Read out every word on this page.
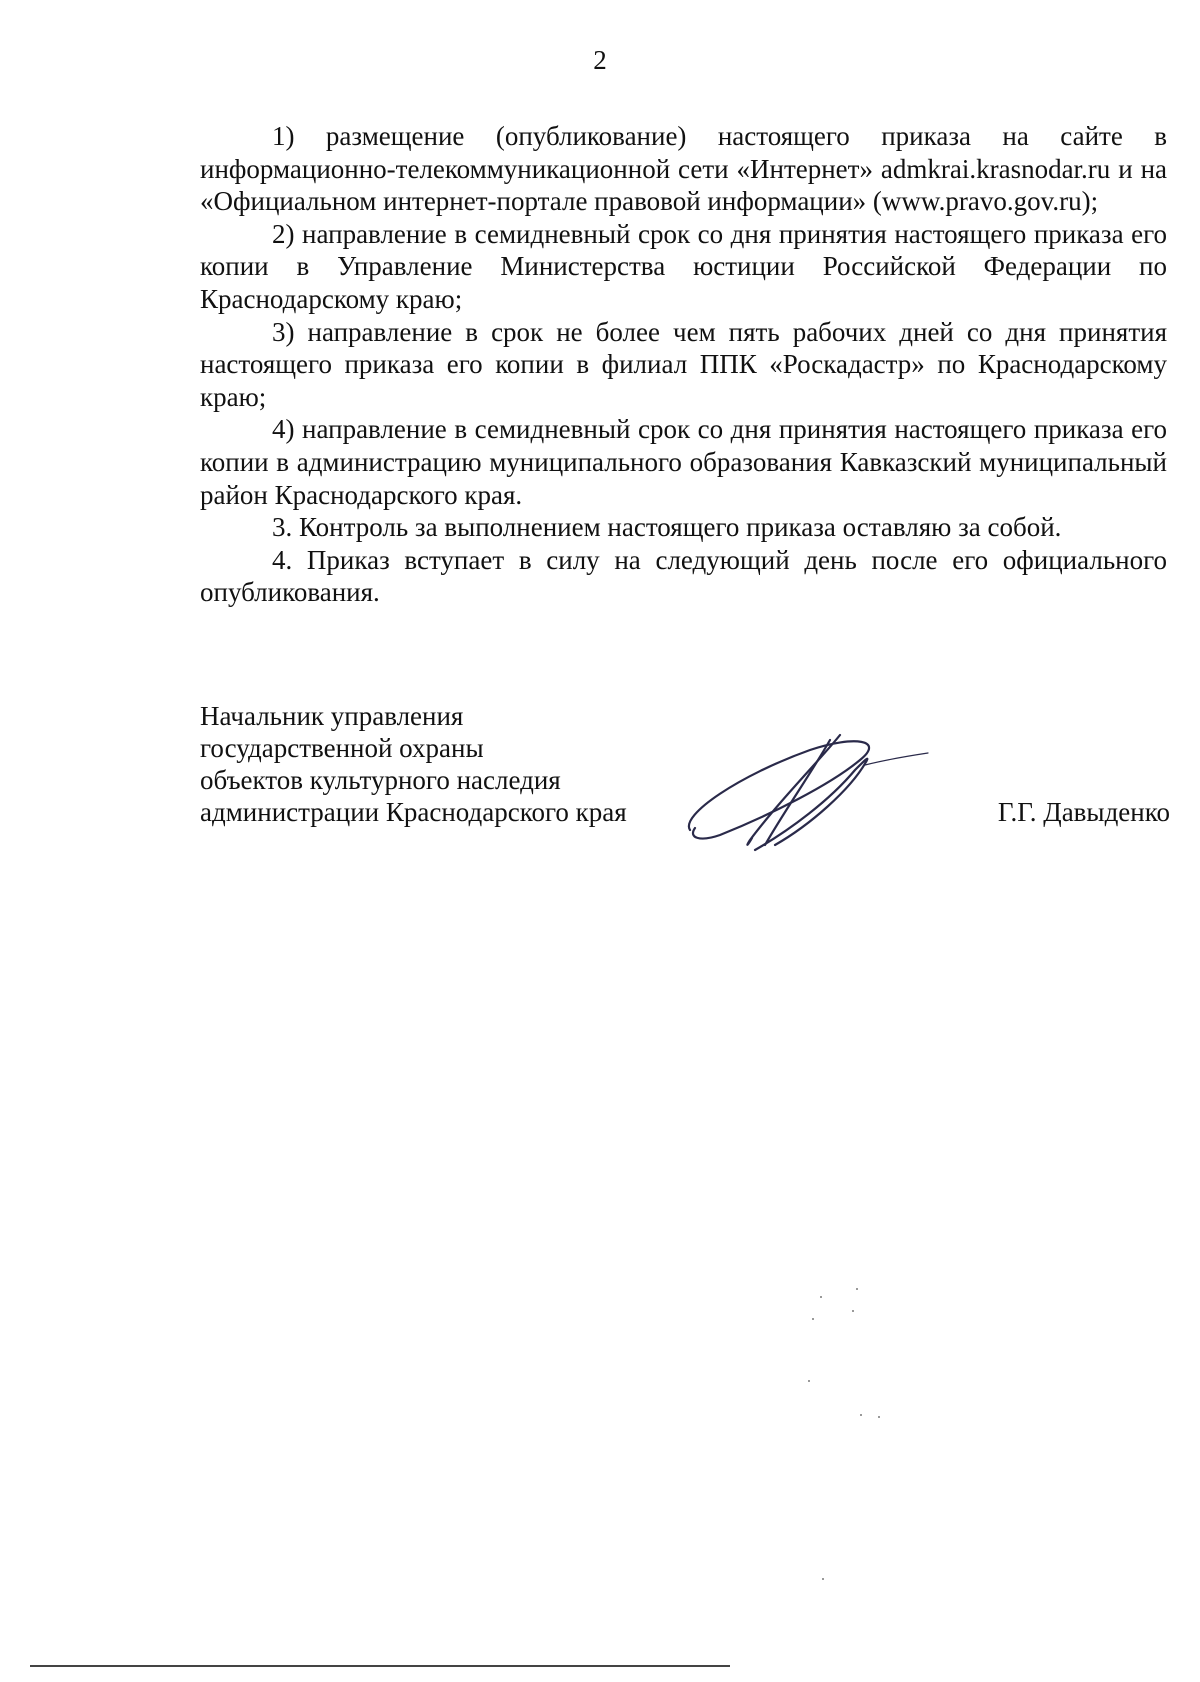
2

1) размещение (опубликование) настоящего приказа на сайте в информационно-телекоммуникационной сети «Интернет» admkrai.krasnodar.ru и на «Официальном интернет-портале правовой информации» (www.pravo.gov.ru);

2) направление в семидневный срок со дня принятия настоящего приказа его копии в Управление Министерства юстиции Российской Федерации по Краснодарскому краю;

3) направление в срок не более чем пять рабочих дней со дня принятия настоящего приказа его копии в филиал ППК «Роскадастр» по Краснодарскому краю;

4) направление в семидневный срок со дня принятия настоящего приказа его копии в администрацию муниципального образования Кавказский муниципальный район Краснодарского края.

3. Контроль за выполнением настоящего приказа оставляю за собой.

4. Приказ вступает в силу на следующий день после его официального опубликования.

Начальник управления
государственной охраны
объектов культурного наследия
администрации Краснодарского края	Г.Г. Давыденко
